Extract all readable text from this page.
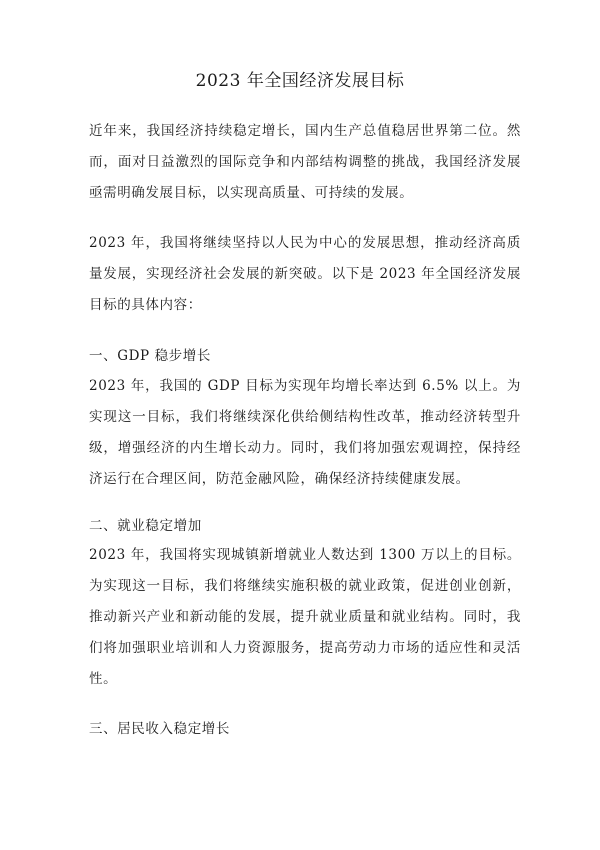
2023 年全国经济发展目标

近年来，我国经济持续稳定增长，国内生产总值稳居世界第二位。然而，面对日益激烈的国际竞争和内部结构调整的挑战，我国经济发展亟需明确发展目标，以实现高质量、可持续的发展。

2023 年，我国将继续坚持以人民为中心的发展思想，推动经济高质量发展，实现经济社会发展的新突破。以下是 2023 年全国经济发展目标的具体内容：

一、GDP 稳步增长

2023 年，我国的 GDP 目标为实现年均增长率达到 6.5% 以上。为实现这一目标，我们将继续深化供给侧结构性改革，推动经济转型升级，增强经济的内生增长动力。同时，我们将加强宏观调控，保持经济运行在合理区间，防范金融风险，确保经济持续健康发展。

二、就业稳定增加

2023 年，我国将实现城镇新增就业人数达到 1300 万以上的目标。为实现这一目标，我们将继续实施积极的就业政策，促进创业创新，推动新兴产业和新动能的发展，提升就业质量和就业结构。同时，我们将加强职业培训和人力资源服务，提高劳动力市场的适应性和灵活性。

三、居民收入稳定增长
